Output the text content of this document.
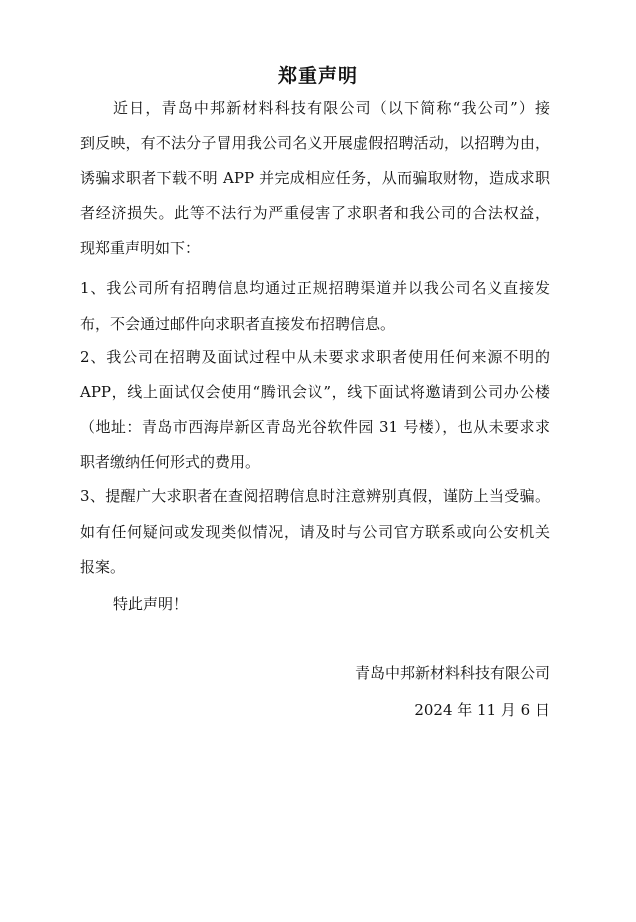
郑重声明
近日，青岛中邦新材料科技有限公司（以下简称“我公司”）接
到反映，有不法分子冒用我公司名义开展虚假招聘活动，以招聘为由，
诱骗求职者下载不明 APP 并完成相应任务，从而骗取财物，造成求职
者经济损失。此等不法行为严重侵害了求职者和我公司的合法权益，
现郑重声明如下：
1、我公司所有招聘信息均通过正规招聘渠道并以我公司名义直接发
布，不会通过邮件向求职者直接发布招聘信息。
2、我公司在招聘及面试过程中从未要求求职者使用任何来源不明的
APP，线上面试仅会使用“腾讯会议”，线下面试将邀请到公司办公楼
（地址：青岛市西海岸新区青岛光谷软件园 31 号楼），也从未要求求
职者缴纳任何形式的费用。
3、提醒广大求职者在查阅招聘信息时注意辨别真假，谨防上当受骗。
如有任何疑问或发现类似情况，请及时与公司官方联系或向公安机关
报案。
特此声明！
青岛中邦新材料科技有限公司
2024 年 11 月 6 日
